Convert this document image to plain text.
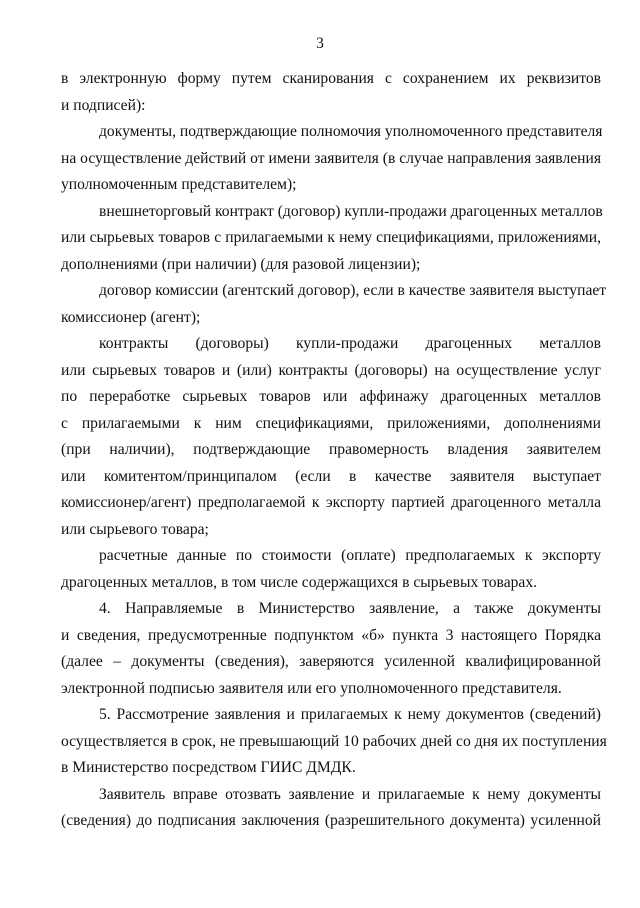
3

в электронную форму путем сканирования с сохранением их реквизитов
и подписей):

документы, подтверждающие полномочия уполномоченного представителя
на осуществление действий от имени заявителя (в случае направления заявления
уполномоченным представителем);

внешнеторговый контракт (договор) купли-продажи драгоценных металлов
или сырьевых товаров с прилагаемыми к нему спецификациями, приложениями,
дополнениями (при наличии) (для разовой лицензии);

договор комиссии (агентский договор), если в качестве заявителя выступает
комиссионер (агент);

контракты (договоры) купли-продажи драгоценных металлов
или сырьевых товаров и (или) контракты (договоры) на осуществление услуг
по переработке сырьевых товаров или аффинажу драгоценных металлов
с прилагаемыми к ним спецификациями, приложениями, дополнениями
(при наличии), подтверждающие правомерность владения заявителем
или комитентом/принципалом (если в качестве заявителя выступает
комиссионер/агент) предполагаемой к экспорту партией драгоценного металла
или сырьевого товара;

расчетные данные по стоимости (оплате) предполагаемых к экспорту
драгоценных металлов, в том числе содержащихся в сырьевых товарах.

4. Направляемые в Министерство заявление, а также документы
и сведения, предусмотренные подпунктом «б» пункта 3 настоящего Порядка
(далее – документы (сведения), заверяются усиленной квалифицированной
электронной подписью заявителя или его уполномоченного представителя.

5. Рассмотрение заявления и прилагаемых к нему документов (сведений)
осуществляется в срок, не превышающий 10 рабочих дней со дня их поступления
в Министерство посредством ГИИС ДМДК.

Заявитель вправе отозвать заявление и прилагаемые к нему документы
(сведения) до подписания заключения (разрешительного документа) усиленной
